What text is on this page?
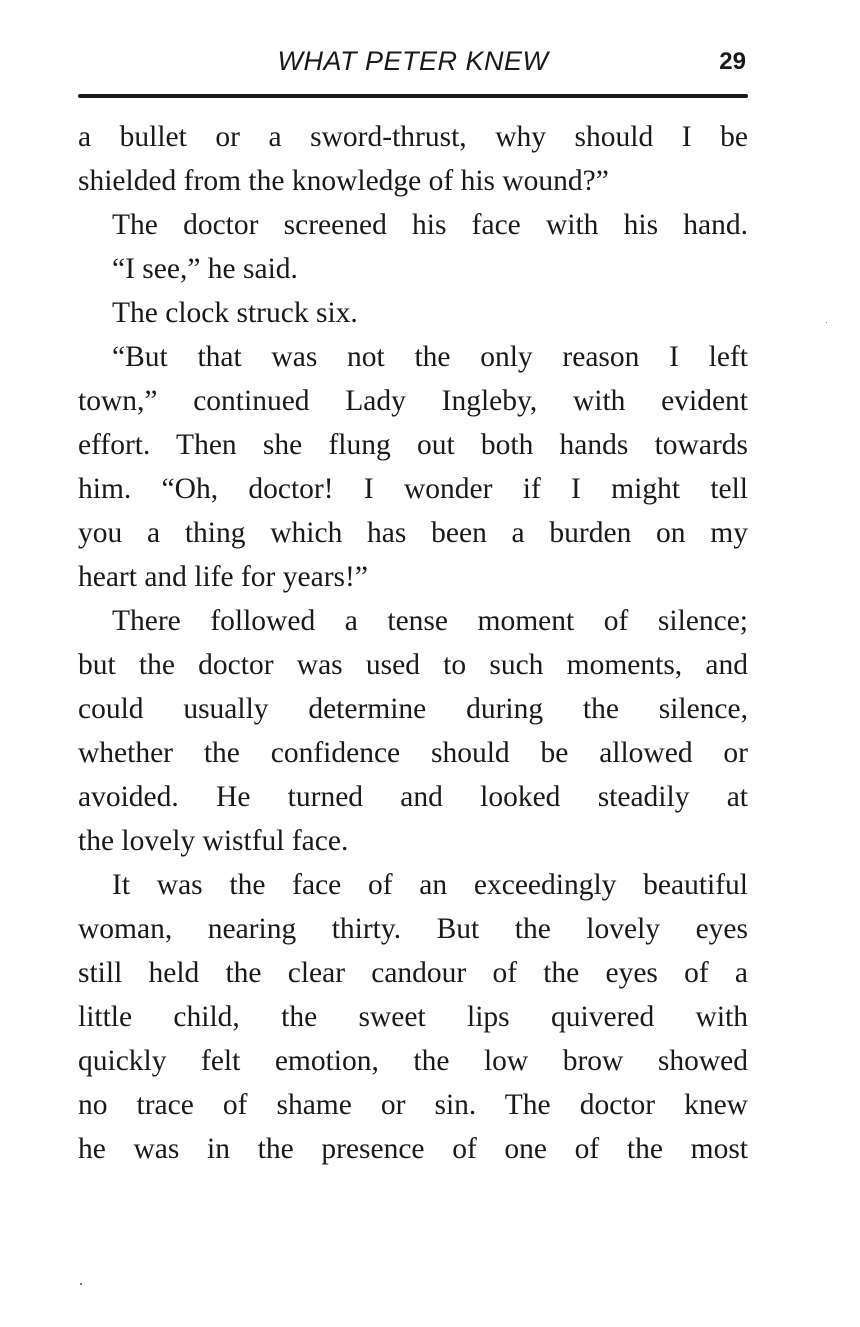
WHAT PETER KNEW	29
a bullet or a sword-thrust, why should I be
shielded from the knowledge of his wound?”
The doctor screened his face with his hand.
“I see,” he said.
The clock struck six.
“But that was not the only reason I left
town,” continued Lady Ingleby, with evident
effort. Then she flung out both hands towards
him. “Oh, doctor! I wonder if I might tell
you a thing which has been a burden on my
heart and life for years!”
There followed a tense moment of silence;
but the doctor was used to such moments, and
could usually determine during the silence,
whether the confidence should be allowed or
avoided. He turned and looked steadily at
the lovely wistful face.
It was the face of an exceedingly beautiful
woman, nearing thirty. But the lovely eyes
still held the clear candour of the eyes of a
little child, the sweet lips quivered with
quickly felt emotion, the low brow showed
no trace of shame or sin. The doctor knew
he was in the presence of one of the most
